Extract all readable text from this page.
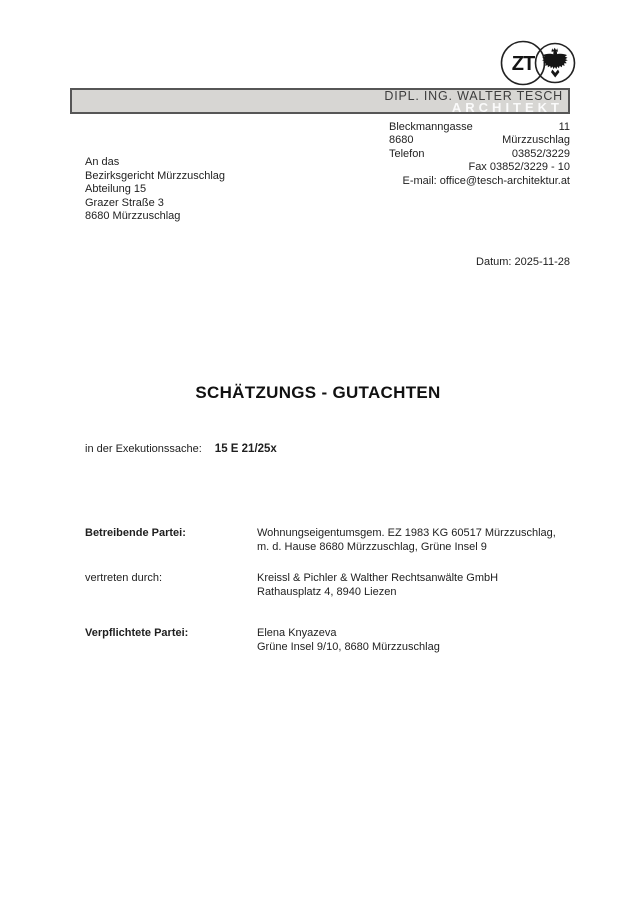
ZT
DIPL. ING. WALTER TESCH
ARCHITEKT
Bleckmanngasse	11
8680	Mürzzuschlag
Telefon	03852/3229
Fax 03852/3229 - 10
E-mail: office@tesch-architektur.at
An das
Bezirksgericht Mürzzuschlag
Abteilung 15
Grazer Straße 3
8680 Mürzzuschlag
Datum: 2025-11-28
SCHÄTZUNGS - GUTACHTEN
in der Exekutionssache: 15 E 21/25x
Betreibende Partei:	Wohnungseigentumsgem. EZ 1983 KG 60517 Mürzzuschlag,
m. d. Hause 8680 Mürzzuschlag, Grüne Insel 9
vertreten durch:	Kreissl & Pichler & Walther Rechtsanwälte GmbH
Rathausplatz 4, 8940 Liezen
Verpflichtete Partei:	Elena Knyazeva
Grüne Insel 9/10, 8680 Mürzzuschlag
